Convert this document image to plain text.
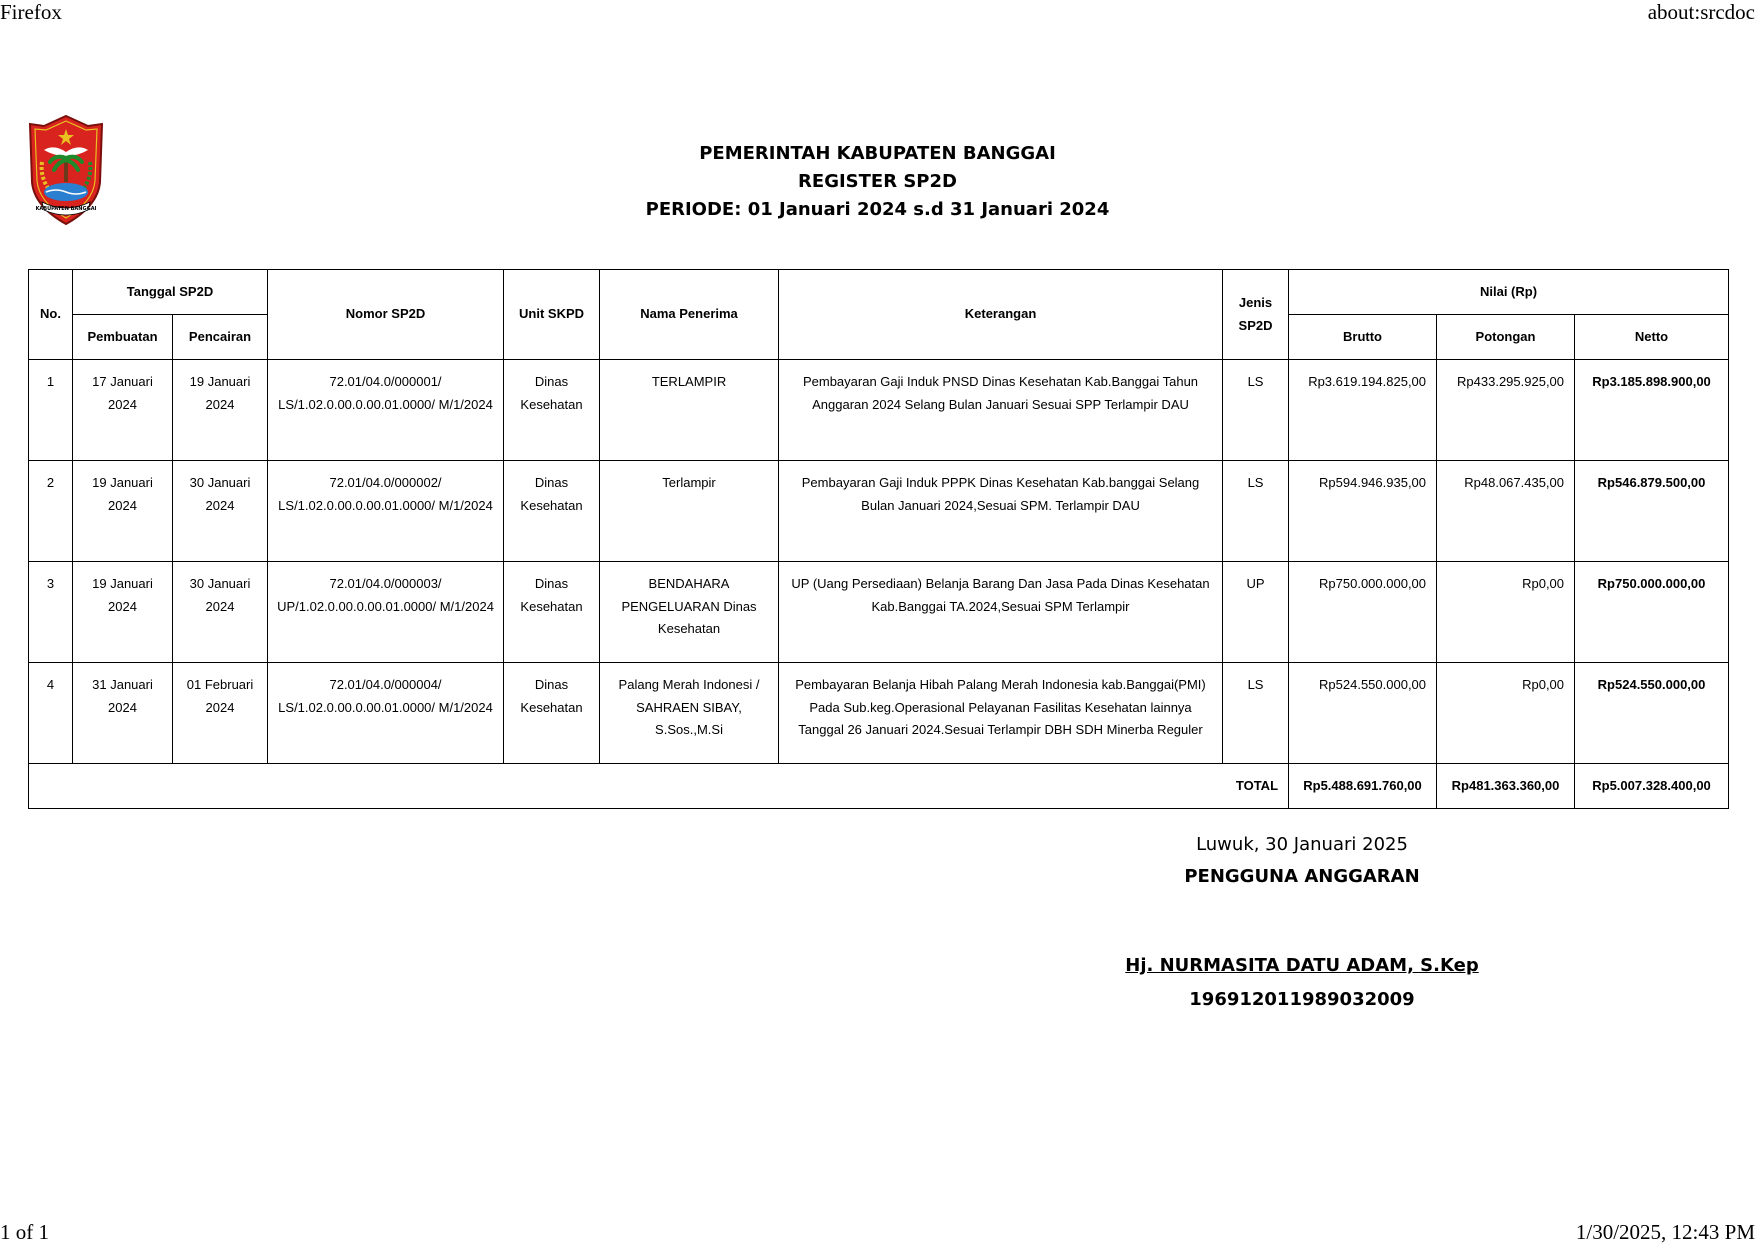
Firefox	about:srcdoc
KABUPATEN BANGGAI
PEMERINTAH KABUPATEN BANGGAI
REGISTER SP2D
PERIODE: 01 Januari 2024 s.d 31 Januari 2024
No.	Tanggal SP2D		Nomor SP2D	Unit SKPD	Nama Penerima	Keterangan	Jenis SP2D	Nilai (Rp)		
	Pembuatan	Pencairan						Brutto	Potongan	Netto
1	17 Januari 2024	19 Januari 2024	72.01/04.0/000001/ LS/1.02.0.00.0.00.01.0000/ M/1/2024	Dinas Kesehatan	TERLAMPIR	Pembayaran Gaji Induk PNSD Dinas Kesehatan Kab.Banggai Tahun Anggaran 2024 Selang Bulan Januari Sesuai SPP Terlampir DAU	LS	Rp3.619.194.825,00	Rp433.295.925,00	Rp3.185.898.900,00
2	19 Januari 2024	30 Januari 2024	72.01/04.0/000002/ LS/1.02.0.00.0.00.01.0000/ M/1/2024	Dinas Kesehatan	Terlampir	Pembayaran Gaji Induk PPPK Dinas Kesehatan Kab.banggai Selang Bulan Januari 2024,Sesuai SPM. Terlampir DAU	LS	Rp594.946.935,00	Rp48.067.435,00	Rp546.879.500,00
3	19 Januari 2024	30 Januari 2024	72.01/04.0/000003/ UP/1.02.0.00.0.00.01.0000/ M/1/2024	Dinas Kesehatan	BENDAHARA PENGELUARAN Dinas Kesehatan	UP (Uang Persediaan) Belanja Barang Dan Jasa Pada Dinas Kesehatan Kab.Banggai TA.2024,Sesuai SPM Terlampir	UP	Rp750.000.000,00	Rp0,00	Rp750.000.000,00
4	31 Januari 2024	01 Februari 2024	72.01/04.0/000004/ LS/1.02.0.00.0.00.01.0000/ M/1/2024	Dinas Kesehatan	Palang Merah Indonesi / SAHRAEN SIBAY, S.Sos.,M.Si	Pembayaran Belanja Hibah Palang Merah Indonesia kab.Banggai(PMI) Pada Sub.keg.Operasional Pelayanan Fasilitas Kesehatan lainnya Tanggal 26 Januari 2024.Sesuai Terlampir DBH SDH Minerba Reguler	LS	Rp524.550.000,00	Rp0,00	Rp524.550.000,00
TOTAL								Rp5.488.691.760,00	Rp481.363.360,00	Rp5.007.328.400,00
Luwuk, 30 Januari 2025
PENGGUNA ANGGARAN
Hj. NURMASITA DATU ADAM, S.Kep
196912011989032009
1 of 1	1/30/2025, 12:43 PM
